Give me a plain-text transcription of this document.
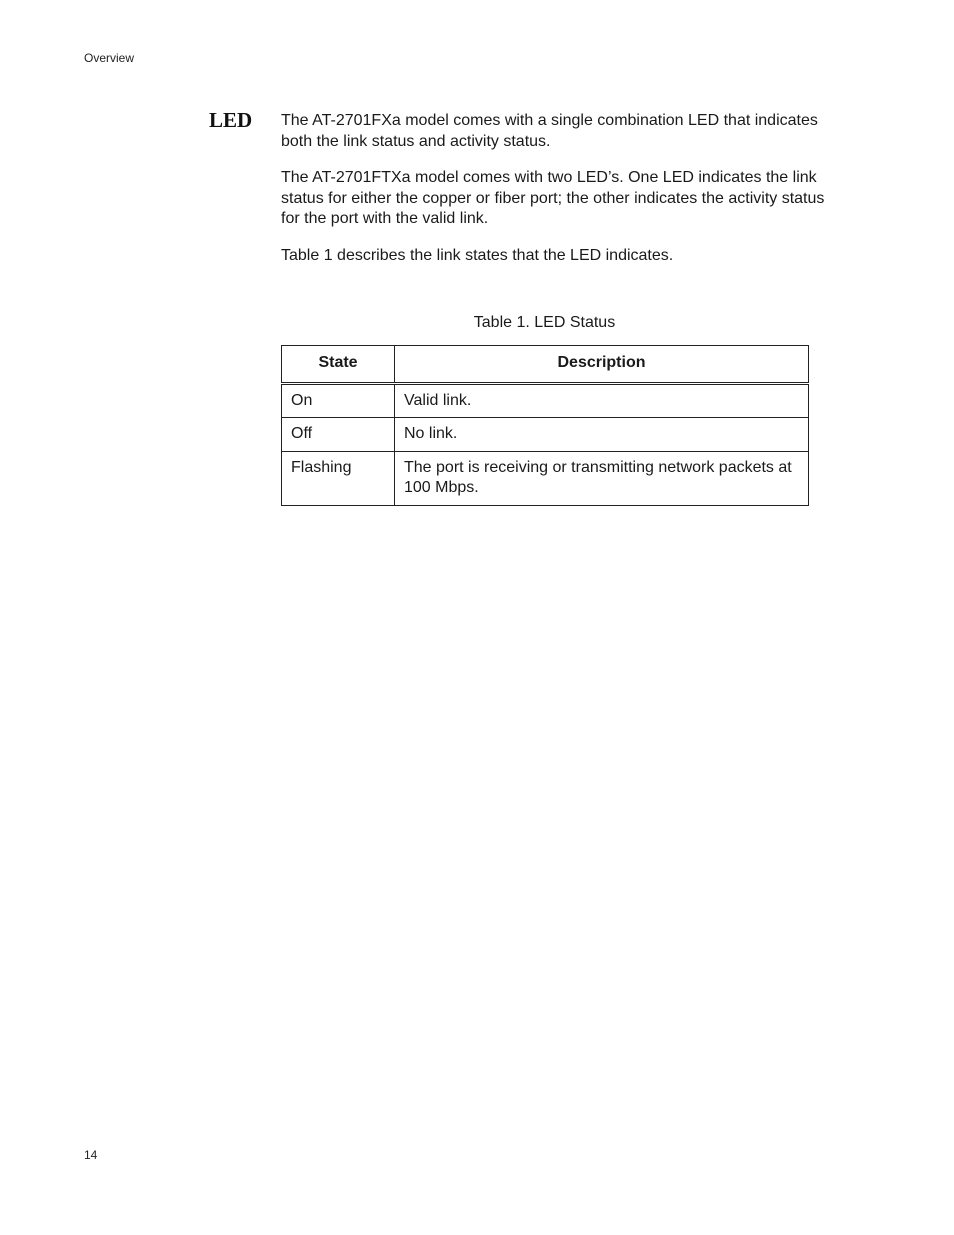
Overview
LED The AT-2701FXa model comes with a single combination LED that indicates both the link status and activity status.

The AT-2701FTXa model comes with two LED’s. One LED indicates the link status for either the copper or fiber port; the other indicates the activity status for the port with the valid link.

Table 1 describes the link states that the LED indicates.

Table 1. LED Status
State	Description
On	Valid link.
Off	No link.
Flashing	The port is receiving or transmitting network packets at 100 Mbps.
14
